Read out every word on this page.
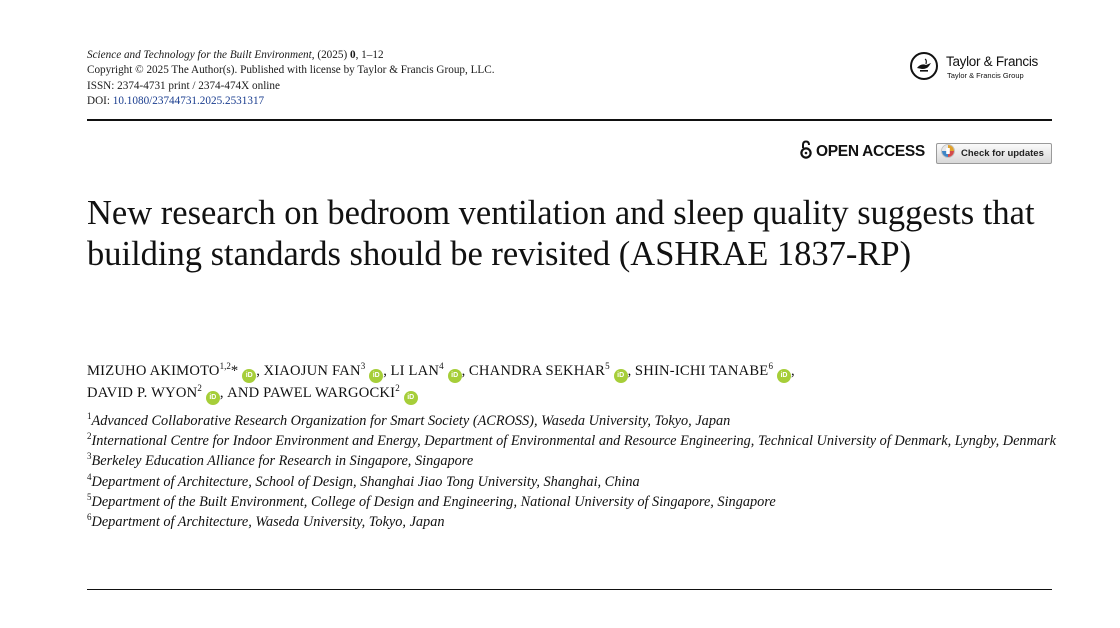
Science and Technology for the Built Environment, (2025) 0, 1–12
Copyright © 2025 The Author(s). Published with license by Taylor & Francis Group, LLC.
ISSN: 2374-4731 print / 2374-474X online
DOI: 10.1080/23744731.2025.2531317
Taylor & Francis
Taylor & Francis Group
OPEN ACCESS	Check for updates
New research on bedroom ventilation and sleep quality suggests that building standards should be revisited (ASHRAE 1837-RP)
MIZUHO AKIMOTO$^{1,2}$* iD , XIAOJUN FAN$^3$iD , LI LAN$^4$iD , CHANDRA SEKHAR$^5$iD , SHIN-ICHI TANABE$^6$iD ,
DAVID P. WYON$^2$iD , AND PAWEL WARGOCKI$^2$iD
$^1$Advanced Collaborative Research Organization for Smart Society (ACROSS), Waseda University, Tokyo, Japan
$^2$International Centre for Indoor Environment and Energy, Department of Environmental and Resource Engineering, Technical University of Denmark, Lyngby, Denmark
$^3$Berkeley Education Alliance for Research in Singapore, Singapore
$^4$Department of Architecture, School of Design, Shanghai Jiao Tong University, Shanghai, China
$^5$Department of the Built Environment, College of Design and Engineering, National University of Singapore, Singapore
$^6$Department of Architecture, Waseda University, Tokyo, Japan
